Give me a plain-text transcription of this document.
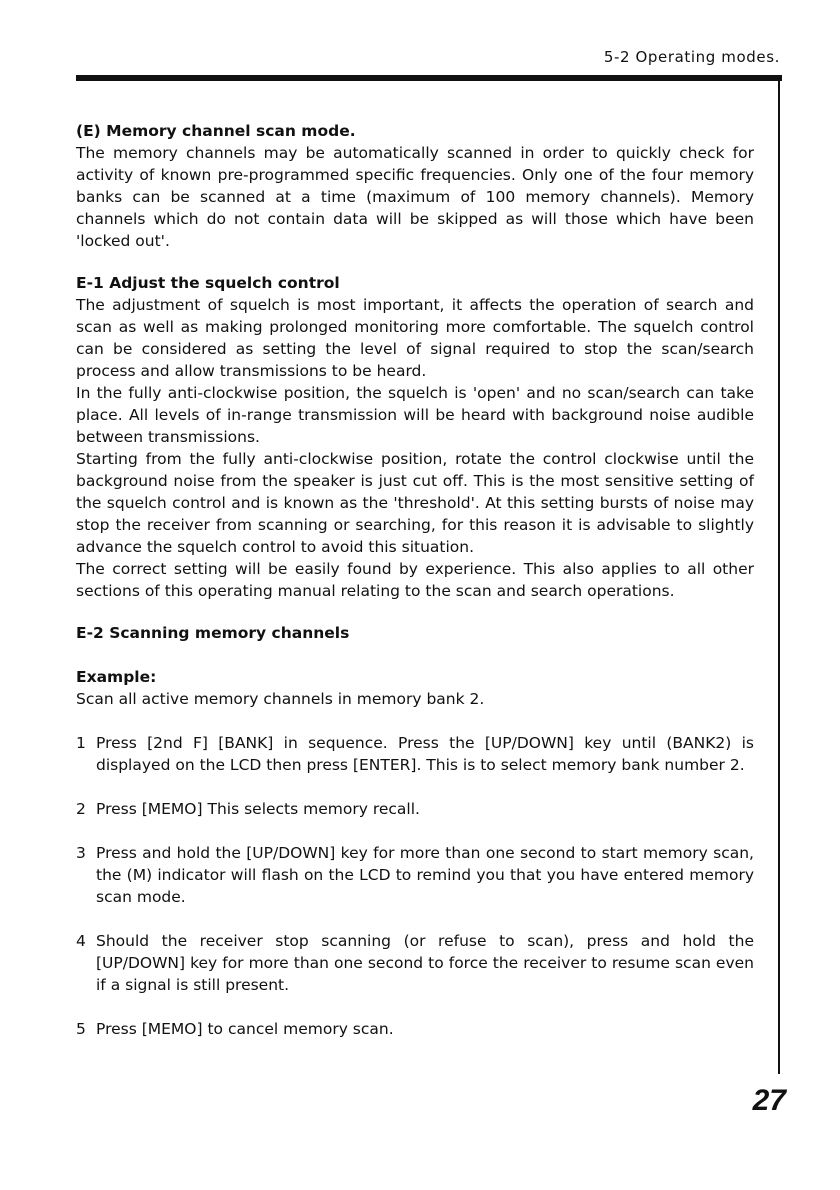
5-2 Operating modes.

(E) Memory channel scan mode.

The memory channels may be automatically scanned in order to quickly check for activity of known pre-programmed specific frequencies. Only one of the four memory banks can be scanned at a time (maximum of 100 memory channels). Memory channels which do not contain data will be skipped as will those which have been 'locked out'.

E-1 Adjust the squelch control

The adjustment of squelch is most important, it affects the operation of search and scan as well as making prolonged monitoring more comfortable. The squelch control can be considered as setting the level of signal required to stop the scan/search process and allow transmissions to be heard.

In the fully anti-clockwise position, the squelch is 'open' and no scan/search can take place. All levels of in-range transmission will be heard with background noise audible between transmissions.

Starting from the fully anti-clockwise position, rotate the control clockwise until the background noise from the speaker is just cut off. This is the most sensitive setting of the squelch control and is known as the 'threshold'. At this setting bursts of noise may stop the receiver from scanning or searching, for this reason it is advisable to slightly advance the squelch control to avoid this situation.

The correct setting will be easily found by experience. This also applies to all other sections of this operating manual relating to the scan and search operations.

E-2 Scanning memory channels

Example:

Scan all active memory channels in memory bank 2.

1 Press [2nd F] [BANK] in sequence. Press the [UP/DOWN] key until (BANK2) is displayed on the LCD then press [ENTER]. This is to select memory bank number 2.
2 Press [MEMO] This selects memory recall.
3 Press and hold the [UP/DOWN] key for more than one second to start memory scan, the (M) indicator will flash on the LCD to remind you that you have entered memory scan mode.
4 Should the receiver stop scanning (or refuse to scan), press and hold the [UP/DOWN] key for more than one second to force the receiver to resume scan even if a signal is still present.
5 Press [MEMO] to cancel memory scan.
27
